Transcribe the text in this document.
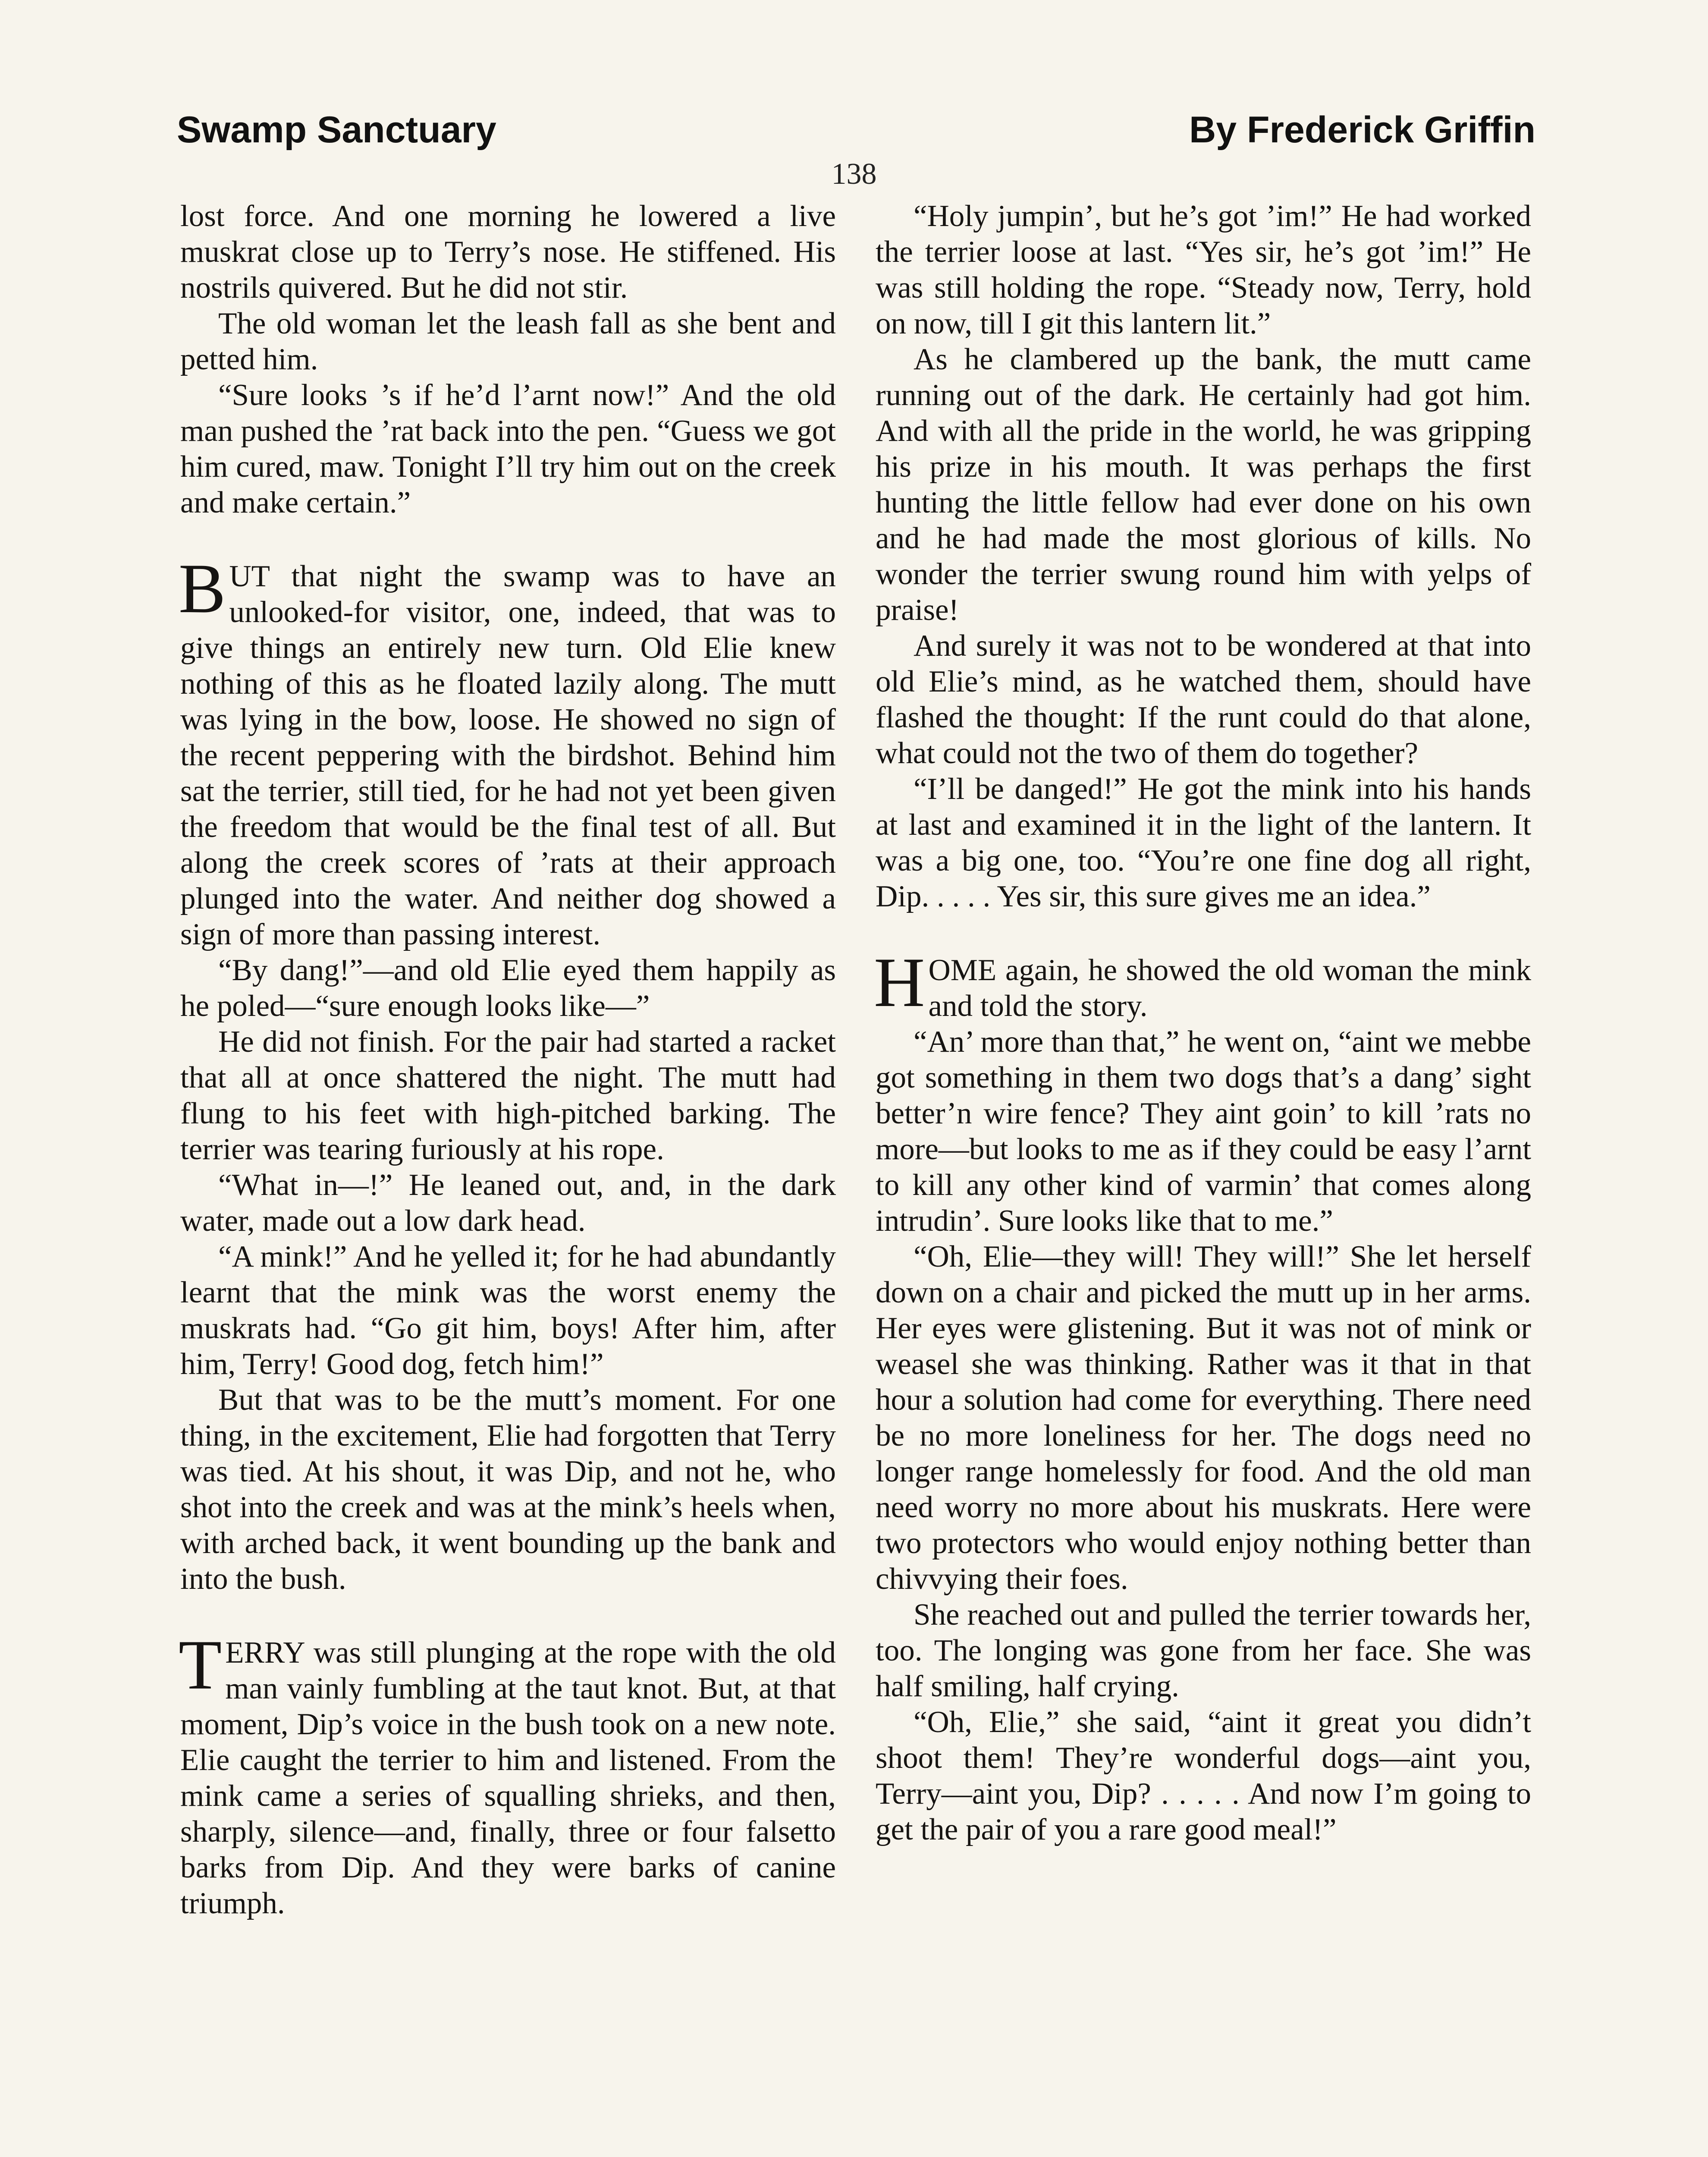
Swamp Sanctuary	By Frederick Griffin
138

lost force. And one morning he lowered a live muskrat close up to Terry’s nose. He stiffened. His nostrils quivered. But he did not stir.

The old woman let the leash fall as she bent and petted him.

“Sure looks ’s if he’d l’arnt now!” And the old man pushed the ’rat back into the pen. “Guess we got him cured, maw. Tonight I’ll try him out on the creek and make certain.”

BUT that night the swamp was to have an unlooked-for visitor, one, indeed, that was to give things an entirely new turn. Old Elie knew nothing of this as he floated lazily along. The mutt was lying in the bow, loose. He showed no sign of the recent peppering with the birdshot. Behind him sat the terrier, still tied, for he had not yet been given the freedom that would be the final test of all. But along the creek scores of ’rats at their approach plunged into the water. And neither dog showed a sign of more than passing interest.

“By dang!”—and old Elie eyed them happily as he poled—“sure enough looks like—”

He did not finish. For the pair had started a racket that all at once shattered the night. The mutt had flung to his feet with high-pitched barking. The terrier was tearing furiously at his rope.

“What in—!” He leaned out, and, in the dark water, made out a low dark head.

“A mink!” And he yelled it; for he had abundantly learnt that the mink was the worst enemy the muskrats had. “Go git him, boys! After him, after him, Terry! Good dog, fetch him!”

But that was to be the mutt’s moment. For one thing, in the excitement, Elie had forgotten that Terry was tied. At his shout, it was Dip, and not he, who shot into the creek and was at the mink’s heels when, with arched back, it went bounding up the bank and into the bush.

TERRY was still plunging at the rope with the old man vainly fumbling at the taut knot. But, at that moment, Dip’s voice in the bush took on a new note. Elie caught the terrier to him and listened. From the mink came a series of squalling shrieks, and then, sharply, silence—and, finally, three or four falsetto barks from Dip. And they were barks of canine triumph.

“Holy jumpin’, but he’s got ’im!” He had worked the terrier loose at last. “Yes sir, he’s got ’im!” He was still holding the rope. “Steady now, Terry, hold on now, till I git this lantern lit.”

As he clambered up the bank, the mutt came running out of the dark. He certainly had got him. And with all the pride in the world, he was gripping his prize in his mouth. It was perhaps the first hunting the little fellow had ever done on his own and he had made the most glorious of kills. No wonder the terrier swung round him with yelps of praise!

And surely it was not to be wondered at that into old Elie’s mind, as he watched them, should have flashed the thought: If the runt could do that alone, what could not the two of them do together?

“I’ll be danged!” He got the mink into his hands at last and examined it in the light of the lantern. It was a big one, too. “You’re one fine dog all right, Dip. . . . . Yes sir, this sure gives me an idea.”

HOME again, he showed the old woman the mink and told the story.

“An’ more than that,” he went on, “aint we mebbe got something in them two dogs that’s a dang’ sight better’n wire fence? They aint goin’ to kill ’rats no more—but looks to me as if they could be easy l’arnt to kill any other kind of varmin’ that comes along intrudin’. Sure looks like that to me.”

“Oh, Elie—they will! They will!” She let herself down on a chair and picked the mutt up in her arms. Her eyes were glistening. But it was not of mink or weasel she was thinking. Rather was it that in that hour a solution had come for everything. There need be no more loneliness for her. The dogs need no longer range homelessly for food. And the old man need worry no more about his muskrats. Here were two protectors who would enjoy nothing better than chivvying their foes.

She reached out and pulled the terrier towards her, too. The longing was gone from her face. She was half smiling, half crying.

“Oh, Elie,” she said, “aint it great you didn’t shoot them! They’re wonderful dogs—aint you, Terry—aint you, Dip? . . . . . And now I’m going to get the pair of you a rare good meal!”
